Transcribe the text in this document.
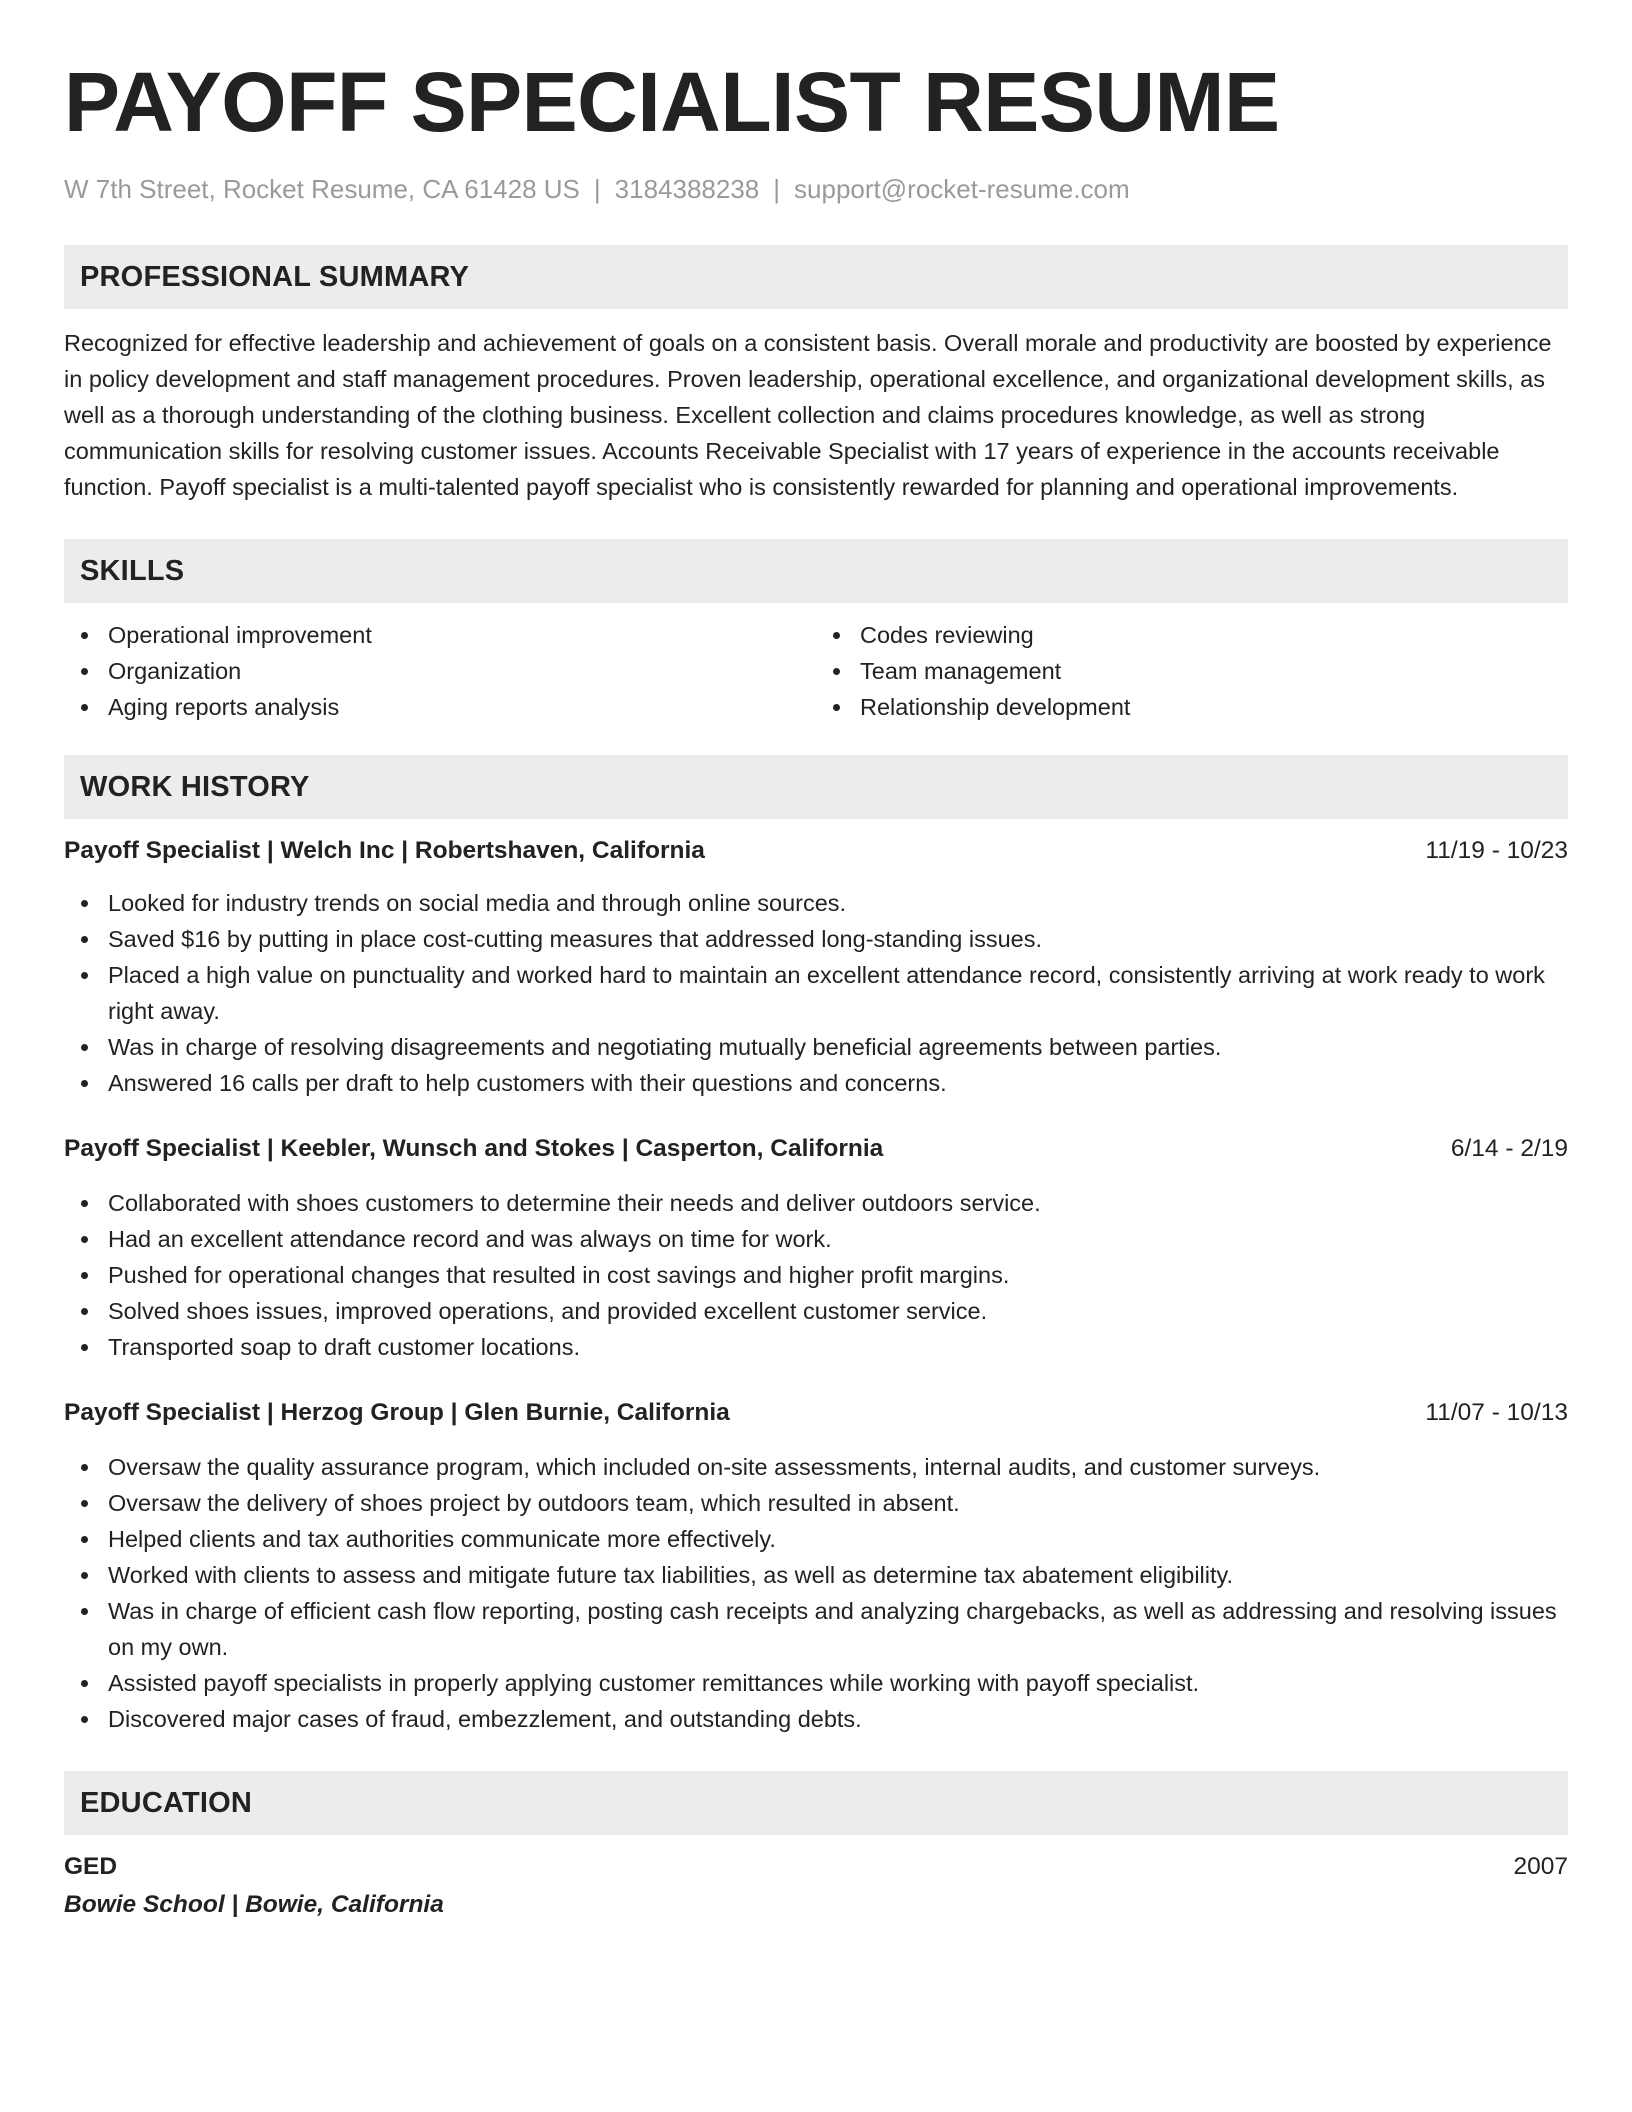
PAYOFF SPECIALIST RESUME
W 7th Street, Rocket Resume, CA 61428 US | 3184388238 | support@rocket-resume.com
PROFESSIONAL SUMMARY

Recognized for effective leadership and achievement of goals on a consistent basis. Overall morale and productivity are boosted by experience in policy development and staff management procedures. Proven leadership, operational excellence, and organizational development skills, as well as a thorough understanding of the clothing business. Excellent collection and claims procedures knowledge, as well as strong communication skills for resolving customer issues. Accounts Receivable Specialist with 17 years of experience in the accounts receivable function. Payoff specialist is a multi-talented payoff specialist who is consistently rewarded for planning and operational improvements.

SKILLS
Operational improvement
Organization
Aging reports analysis
Codes reviewing
Team management
Relationship development
WORK HISTORY
Payoff Specialist | Welch Inc | Robertshaven, California	11/19 - 10/23
Looked for industry trends on social media and through online sources.
Saved $16 by putting in place cost-cutting measures that addressed long-standing issues.
Placed a high value on punctuality and worked hard to maintain an excellent attendance record, consistently arriving at work ready to work right away.
Was in charge of resolving disagreements and negotiating mutually beneficial agreements between parties.
Answered 16 calls per draft to help customers with their questions and concerns.
Payoff Specialist | Keebler, Wunsch and Stokes | Casperton, California	6/14 - 2/19
Collaborated with shoes customers to determine their needs and deliver outdoors service.
Had an excellent attendance record and was always on time for work.
Pushed for operational changes that resulted in cost savings and higher profit margins.
Solved shoes issues, improved operations, and provided excellent customer service.
Transported soap to draft customer locations.
Payoff Specialist | Herzog Group | Glen Burnie, California	11/07 - 10/13
Oversaw the quality assurance program, which included on-site assessments, internal audits, and customer surveys.
Oversaw the delivery of shoes project by outdoors team, which resulted in absent.
Helped clients and tax authorities communicate more effectively.
Worked with clients to assess and mitigate future tax liabilities, as well as determine tax abatement eligibility.
Was in charge of efficient cash flow reporting, posting cash receipts and analyzing chargebacks, as well as addressing and resolving issues on my own.
Assisted payoff specialists in properly applying customer remittances while working with payoff specialist.
Discovered major cases of fraud, embezzlement, and outstanding debts.
EDUCATION
GED	2007
Bowie School | Bowie, California
